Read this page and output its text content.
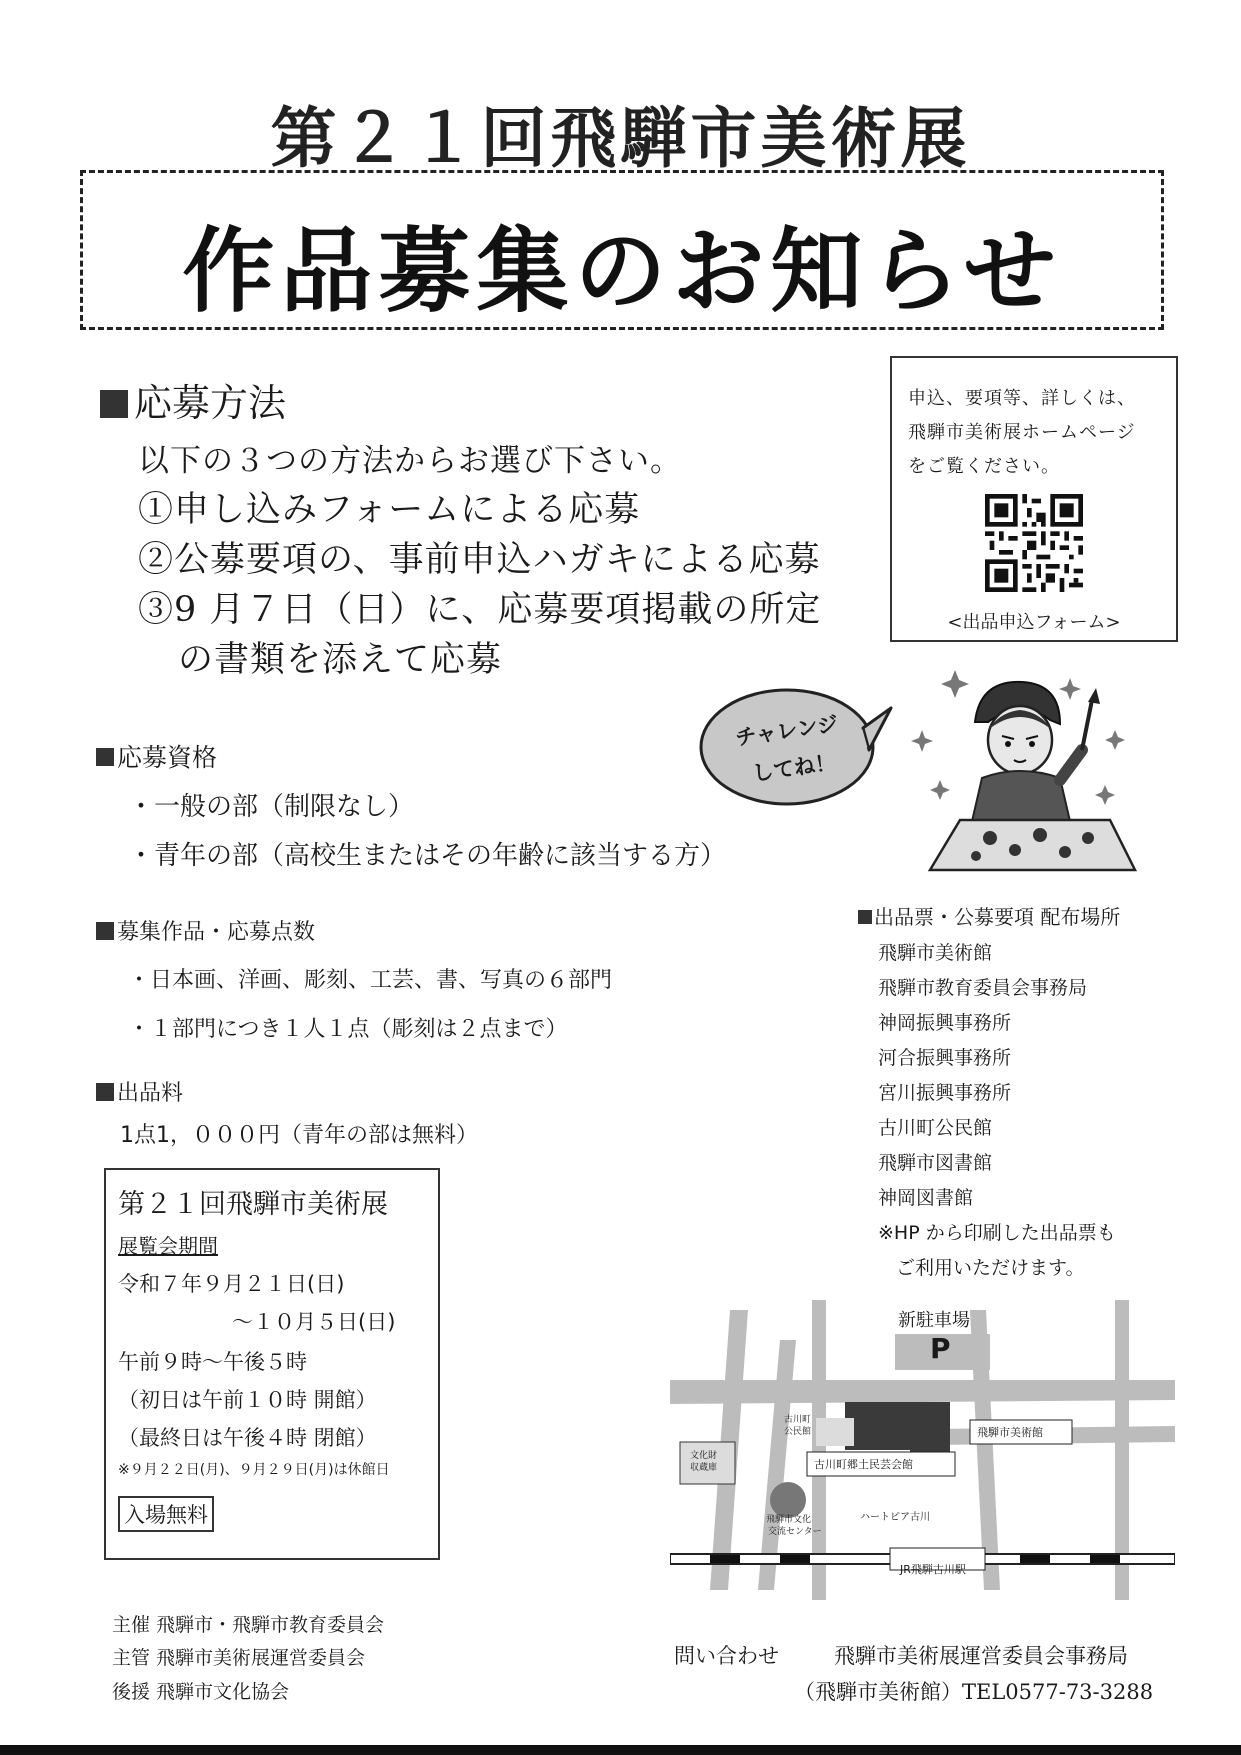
第２１回飛騨市美術展
作品募集のお知らせ
応募方法
以下の３つの方法からお選び下さい。
①申し込みフォームによる応募
②公募要項の、事前申込ハガキによる応募
③9 月７日（日）に、応募要項掲載の所定
の書類を添えて応募
申込、要項等、詳しくは、
飛騨市美術展ホームページ
をご覧ください。
<出品申込フォーム>
チャレンジ
してね！
応募資格
・一般の部（制限なし）
・青年の部（高校生またはその年齢に該当する方）
募集作品・応募点数
・日本画、洋画、彫刻、工芸、書、写真の６部門
・１部門につき１人１点（彫刻は２点まで）
出品料
1点1，０００円（青年の部は無料）
第２１回飛騨市美術展
展覧会期間
令和７年９月２１日(日)
～１０月５日(日)
午前９時～午後５時
（初日は午前１０時 開館）
（最終日は午後４時 閉館）
※９月２２日(月)、９月２９日(月)は休館日
入場無料
出品票・公募要項 配布場所
飛騨市美術館
飛騨市教育委員会事務局
神岡振興事務所
河合振興事務所
宮川振興事務所
古川町公民館
飛騨市図書館
神岡図書館
※HP から印刷した出品票も
ご利用いただけます。
新駐車場
P
飛騨市美術館
古川町郷土民芸会館
古川町
公民館
文化財
収蔵庫
飛騨市文化
交流センター
ハートピア古川
JR飛騨古川駅
主催 飛騨市・飛騨市教育委員会
主管 飛騨市美術展運営委員会
後援 飛騨市文化協会
問い合わせ	飛騨市美術展運営委員会事務局
（飛騨市美術館）TEL0577-73-3288
